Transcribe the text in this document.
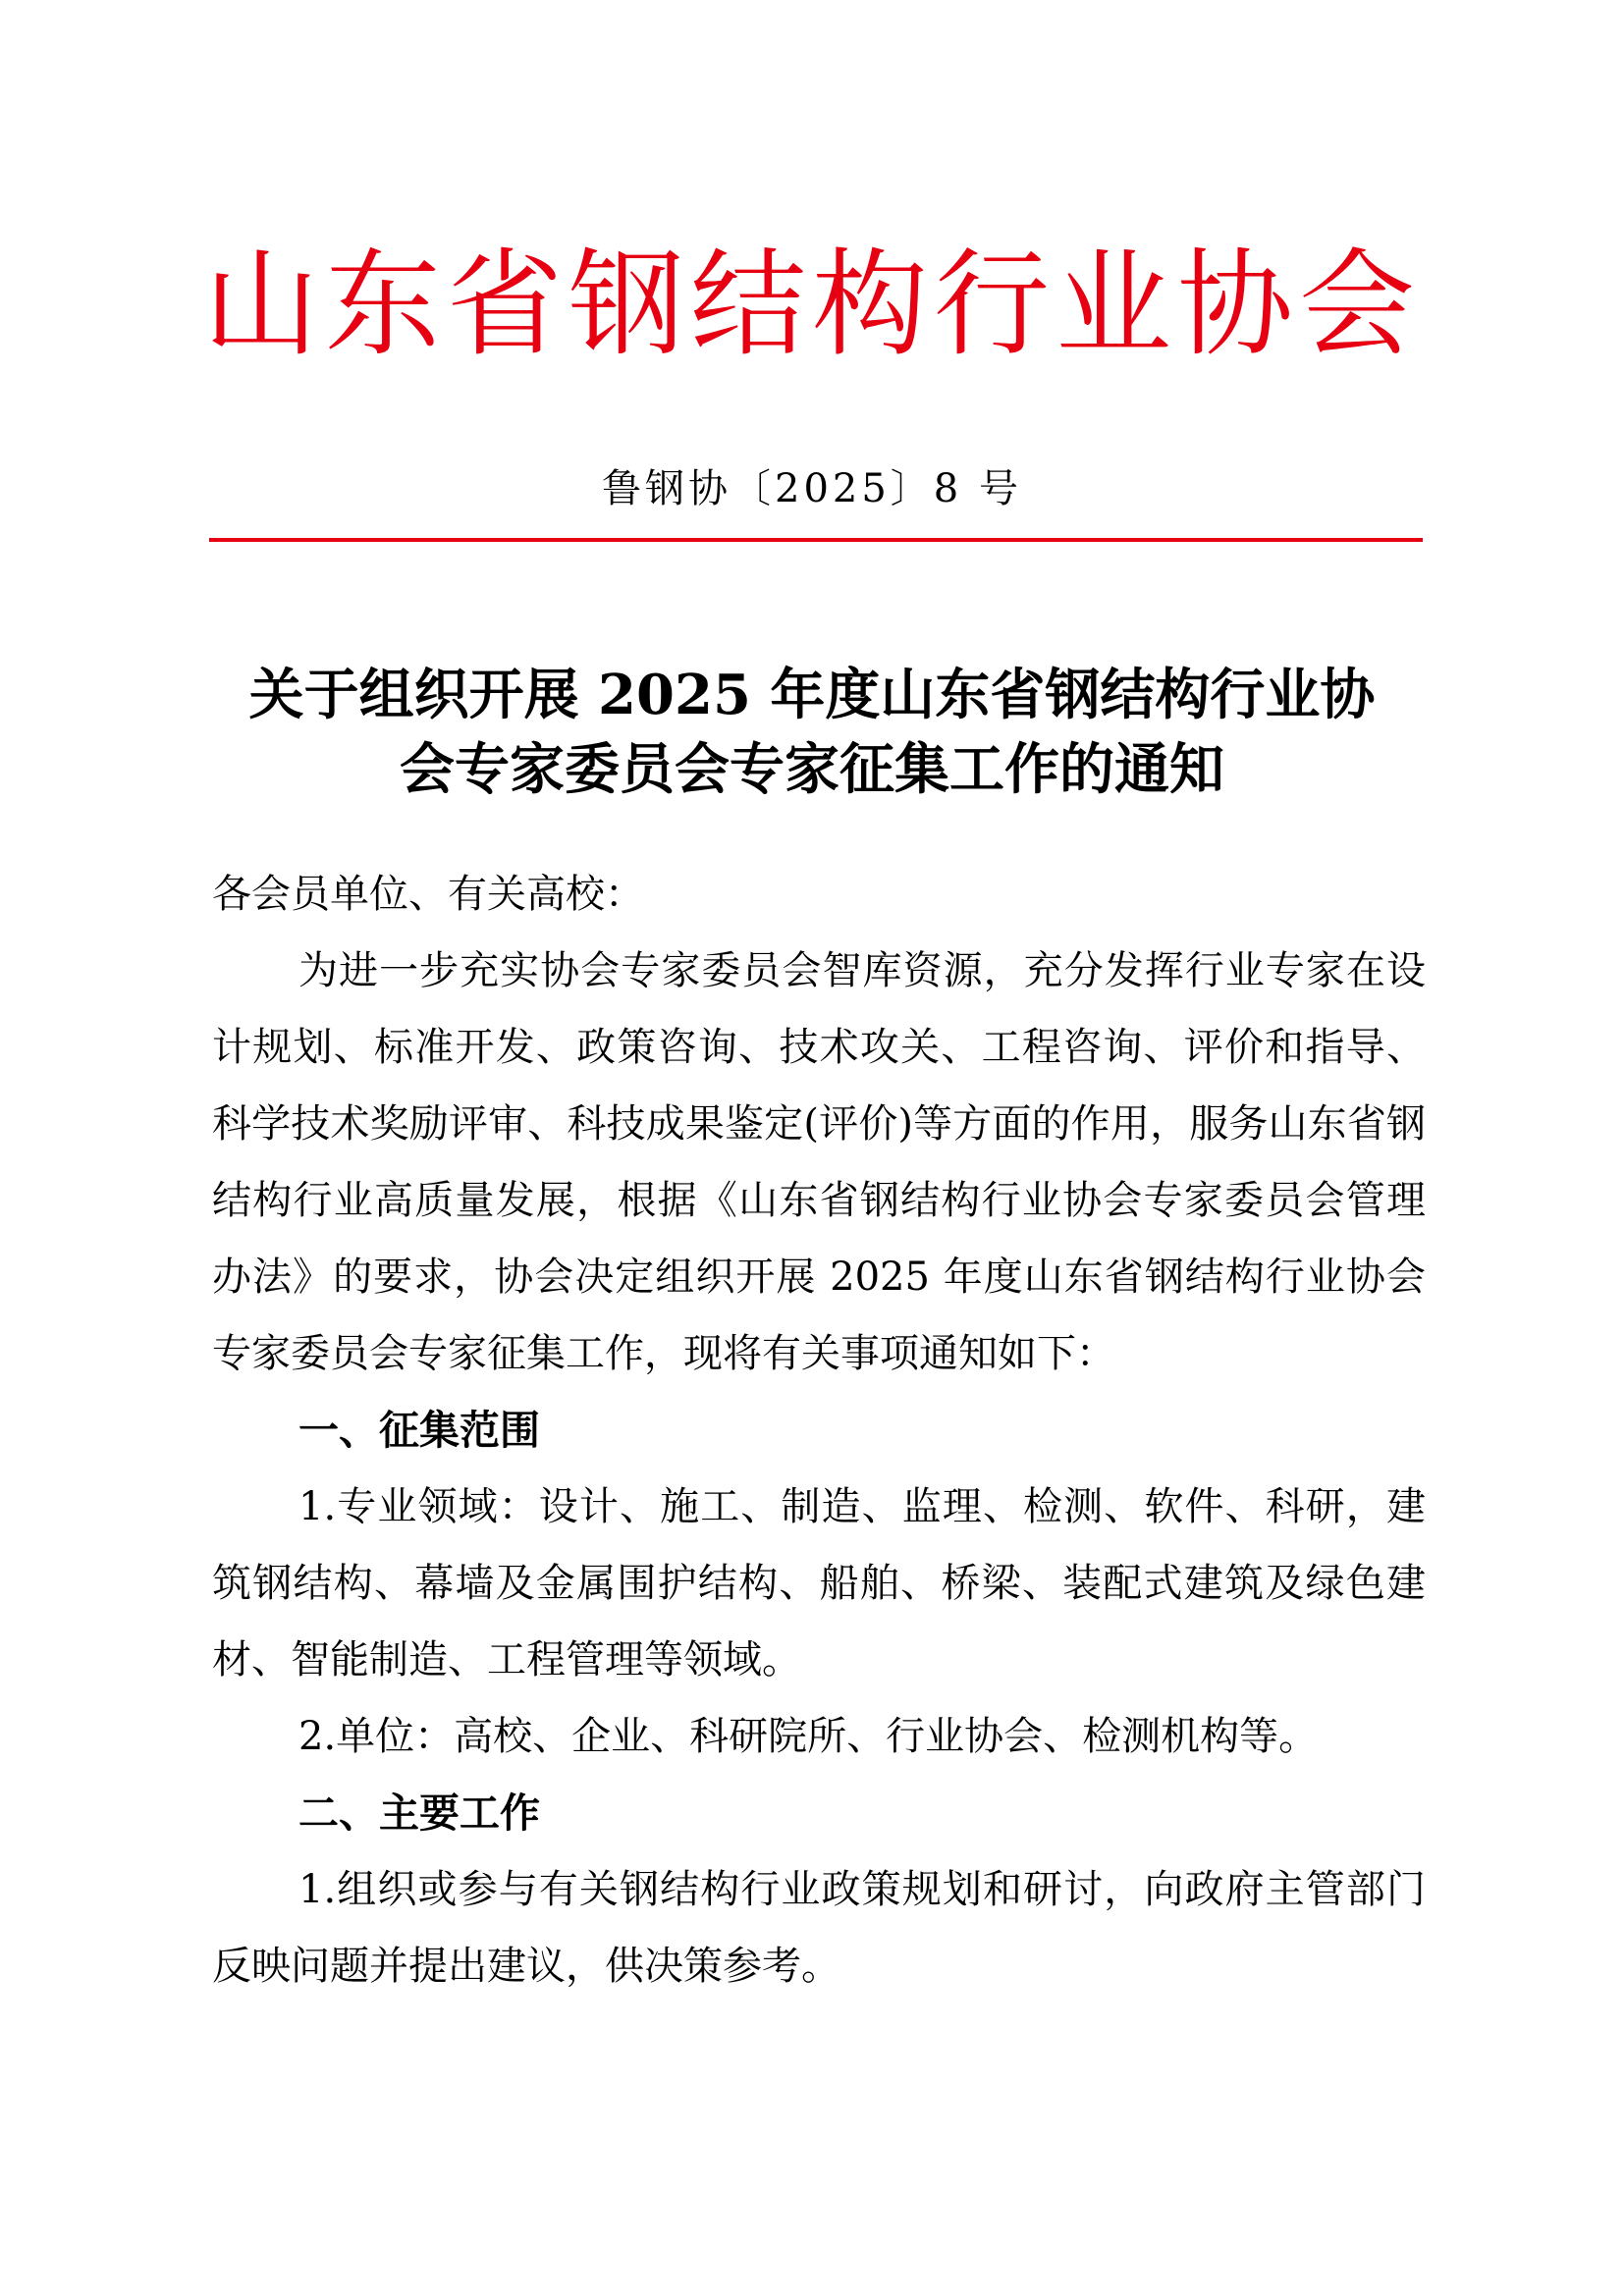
山东省钢结构行业协会
鲁钢协〔2025〕8 号
关于组织开展 2025 年度山东省钢结构行业协
会专家委员会专家征集工作的通知

各会员单位、有关高校：

为进一步充实协会专家委员会智库资源，充分发挥行业专家在设计规划、标准开发、政策咨询、技术攻关、工程咨询、评价和指导、科学技术奖励评审、科技成果鉴定(评价)等方面的作用，服务山东省钢结构行业高质量发展，根据《山东省钢结构行业协会专家委员会管理办法》的要求，协会决定组织开展 2025 年度山东省钢结构行业协会专家委员会专家征集工作，现将有关事项通知如下：

一、征集范围

1.专业领域：设计、施工、制造、监理、检测、软件、科研，建筑钢结构、幕墙及金属围护结构、船舶、桥梁、装配式建筑及绿色建材、智能制造、工程管理等领域。

2.单位：高校、企业、科研院所、行业协会、检测机构等。

二、主要工作

1.组织或参与有关钢结构行业政策规划和研讨，向政府主管部门反映问题并提出建议，供决策参考。
